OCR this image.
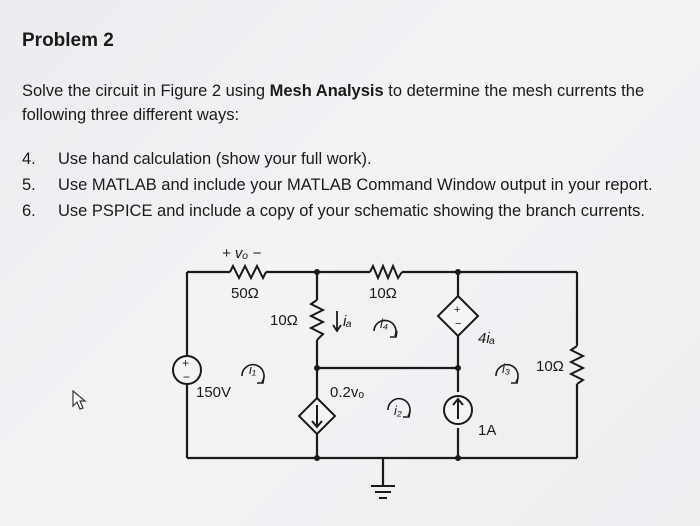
Problem 2
Solve the circuit in Figure 2 using Mesh Analysis to determine the mesh currents the following three different ways:
4.	Use hand calculation (show your full work).
5.	Use MATLAB and include your MATLAB Command Window output in your report.
6.	Use PSPICE and include a copy of your schematic showing the branch currents.
+ vₒ −
50Ω	10Ω
10Ω
10Ω
iₐ i₄
i₁
i₂
i₃
150V	0.2vₒ
4iₐ
1A
+
−
+
−
